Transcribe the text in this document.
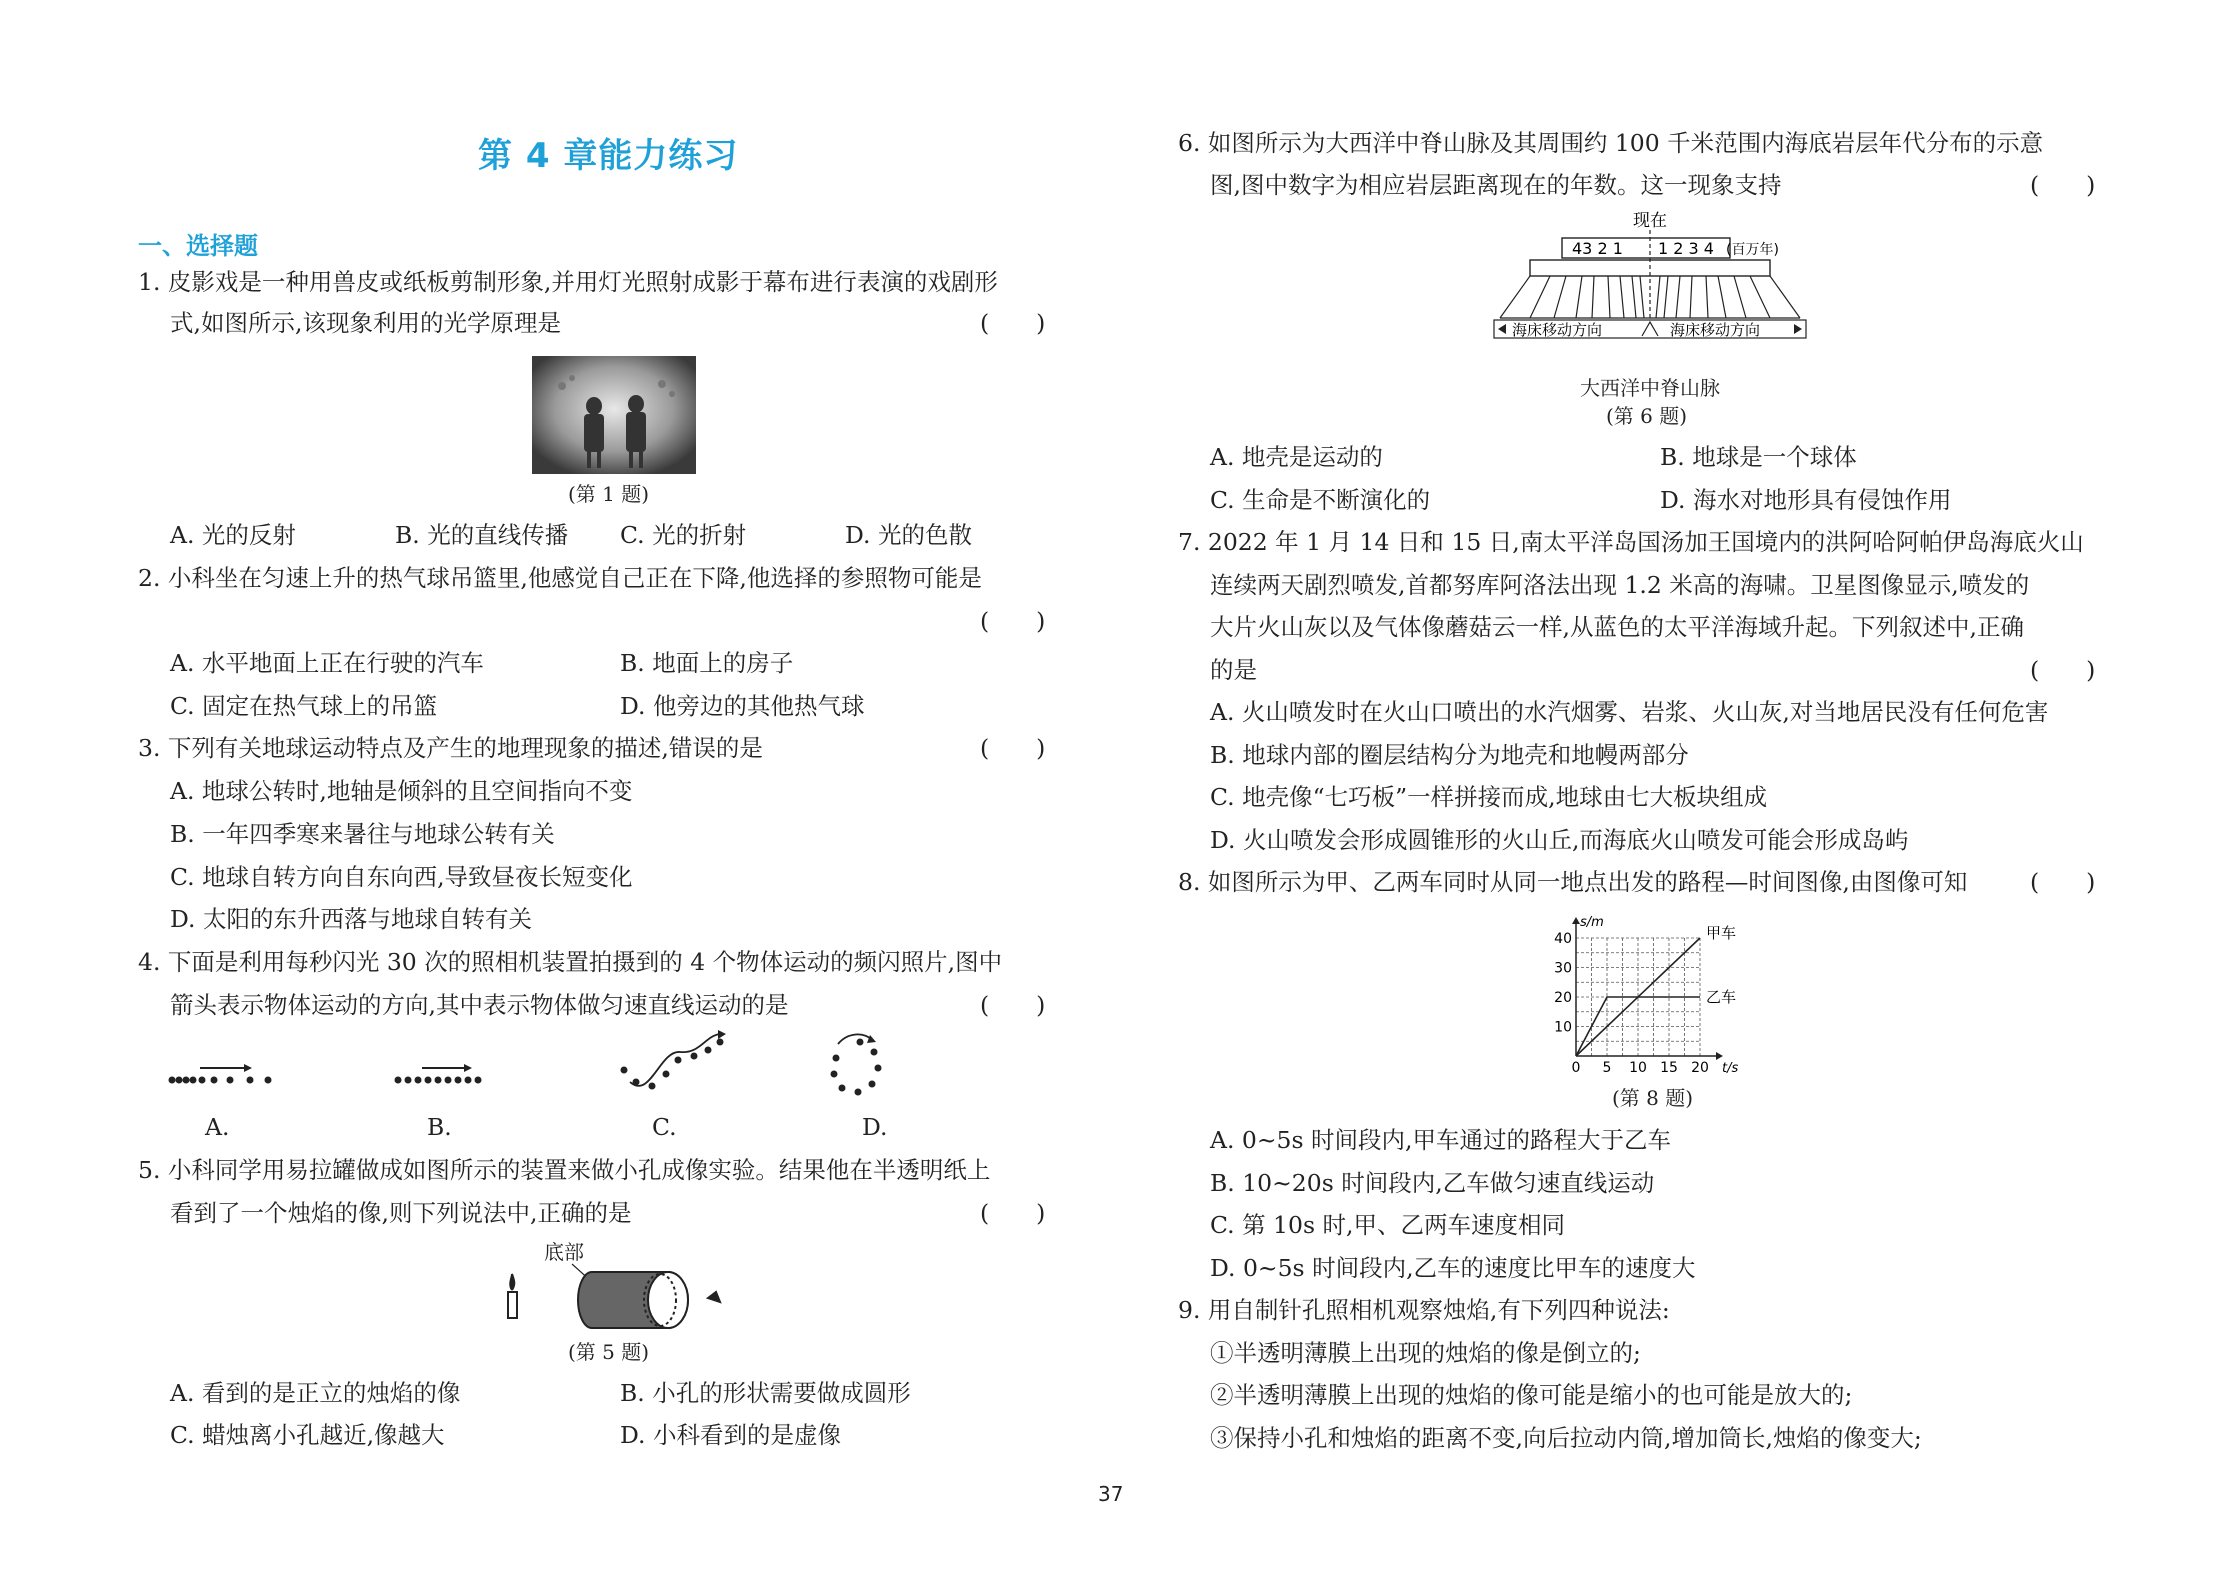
第 4 章能力练习
一、选择题
1. 皮影戏是一种用兽皮或纸板剪制形象,并用灯光照射成影于幕布进行表演的戏剧形
式,如图所示,该现象利用的光学原理是	(　　)
(第 1 题)
A. 光的反射	B. 光的直线传播 C. 光的折射	D. 光的色散
2. 小科坐在匀速上升的热气球吊篮里,他感觉自己正在下降,他选择的参照物可能是
(　　)
A. 水平地面上正在行驶的汽车	B. 地面上的房子
C. 固定在热气球上的吊篮	D. 他旁边的其他热气球
3. 下列有关地球运动特点及产生的地理现象的描述,错误的是	(　　)
A. 地球公转时,地轴是倾斜的且空间指向不变
B. 一年四季寒来暑往与地球公转有关
C. 地球自转方向自东向西,导致昼夜长短变化
D. 太阳的东升西落与地球自转有关
4. 下面是利用每秒闪光 30 次的照相机装置拍摄到的 4 个物体运动的频闪照片,图中
箭头表示物体运动的方向,其中表示物体做匀速直线运动的是	(　　)
A.	B.	C.	D.
5. 小科同学用易拉罐做成如图所示的装置来做小孔成像实验。结果他在半透明纸上
看到了一个烛焰的像,则下列说法中,正确的是	(　　)
底部
(第 5 题)
A. 看到的是正立的烛焰的像	B. 小孔的形状需要做成圆形
C. 蜡烛离小孔越近,像越大	D. 小科看到的是虚像
6. 如图所示为大西洋中脊山脉及其周围约 100 千米范围内海底岩层年代分布的示意
图,图中数字为相应岩层距离现在的年数。这一现象支持	(　　)
现在
43 2 1 1 2 3 4 (百万年)
海床移动方向	海床移动方向
大西洋中脊山脉
(第 6 题)
A. 地壳是运动的	B. 地球是一个球体
C. 生命是不断演化的	D. 海水对地形具有侵蚀作用
7. 2022 年 1 月 14 日和 15 日,南太平洋岛国汤加王国境内的洪阿哈阿帕伊岛海底火山
连续两天剧烈喷发,首都努库阿洛法出现 1.2 米高的海啸。卫星图像显示,喷发的
大片火山灰以及气体像蘑菇云一样,从蓝色的太平洋海域升起。下列叙述中,正确
的是	(　　)
A. 火山喷发时在火山口喷出的水汽烟雾、岩浆、火山灰,对当地居民没有任何危害
B. 地球内部的圈层结构分为地壳和地幔两部分
C. 地壳像“七巧板”一样拼接而成,地球由七大板块组成
D. 火山喷发会形成圆锥形的火山丘,而海底火山喷发可能会形成岛屿
8. 如图所示为甲、乙两车同时从同一地点出发的路程—时间图像,由图像可知	(　　)
0 5 10 15 20
10
20
30
40
t/s
s/m
甲车
乙车
(第 8 题)
A. 0~5s 时间段内,甲车通过的路程大于乙车
B. 10~20s 时间段内,乙车做匀速直线运动
C. 第 10s 时,甲、乙两车速度相同
D. 0~5s 时间段内,乙车的速度比甲车的速度大
9. 用自制针孔照相机观察烛焰,有下列四种说法:
①半透明薄膜上出现的烛焰的像是倒立的;
②半透明薄膜上出现的烛焰的像可能是缩小的也可能是放大的;
③保持小孔和烛焰的距离不变,向后拉动内筒,增加筒长,烛焰的像变大;
37
